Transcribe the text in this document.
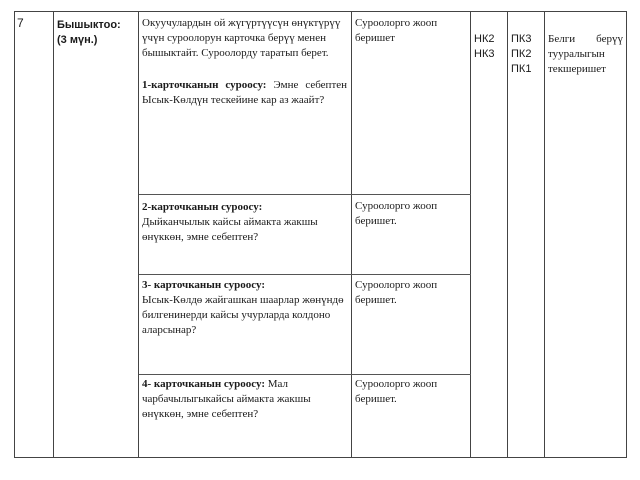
7	Бышыктоо:
(3 мүн.)
Окуучулардын ой жүгүртүүсүн өнүктүрүү үчүн суроолорун карточка берүү менен бышыктайт. Суроолорду таратып берет.
1-карточканын суроосу: Эмне себептен Ысык-Көлдүн тескейине кар аз жаайт?
2-карточканын суроосу:
Дыйканчылык кайсы аймакта жакшы өнүккөн, эмне себептен?
3- карточканын суроосу:
Ысык-Көлдө жайгашкан шаарлар жөнүндө билгенинерди кайсы учурларда колдоно аларсынар?
4- карточканын суроосу: Мал чарбачылыгыкайсы аймакта жакшы өнүккөн, эмне себептен?
Суроолорго жооп беришет
Суроолорго жооп беришет.
Суроолорго жооп беришет.
Суроолорго жооп беришет.
НК2
НК3
ПК3
ПК2
ПК1
Белги берүү тууралыгын текшеришет
